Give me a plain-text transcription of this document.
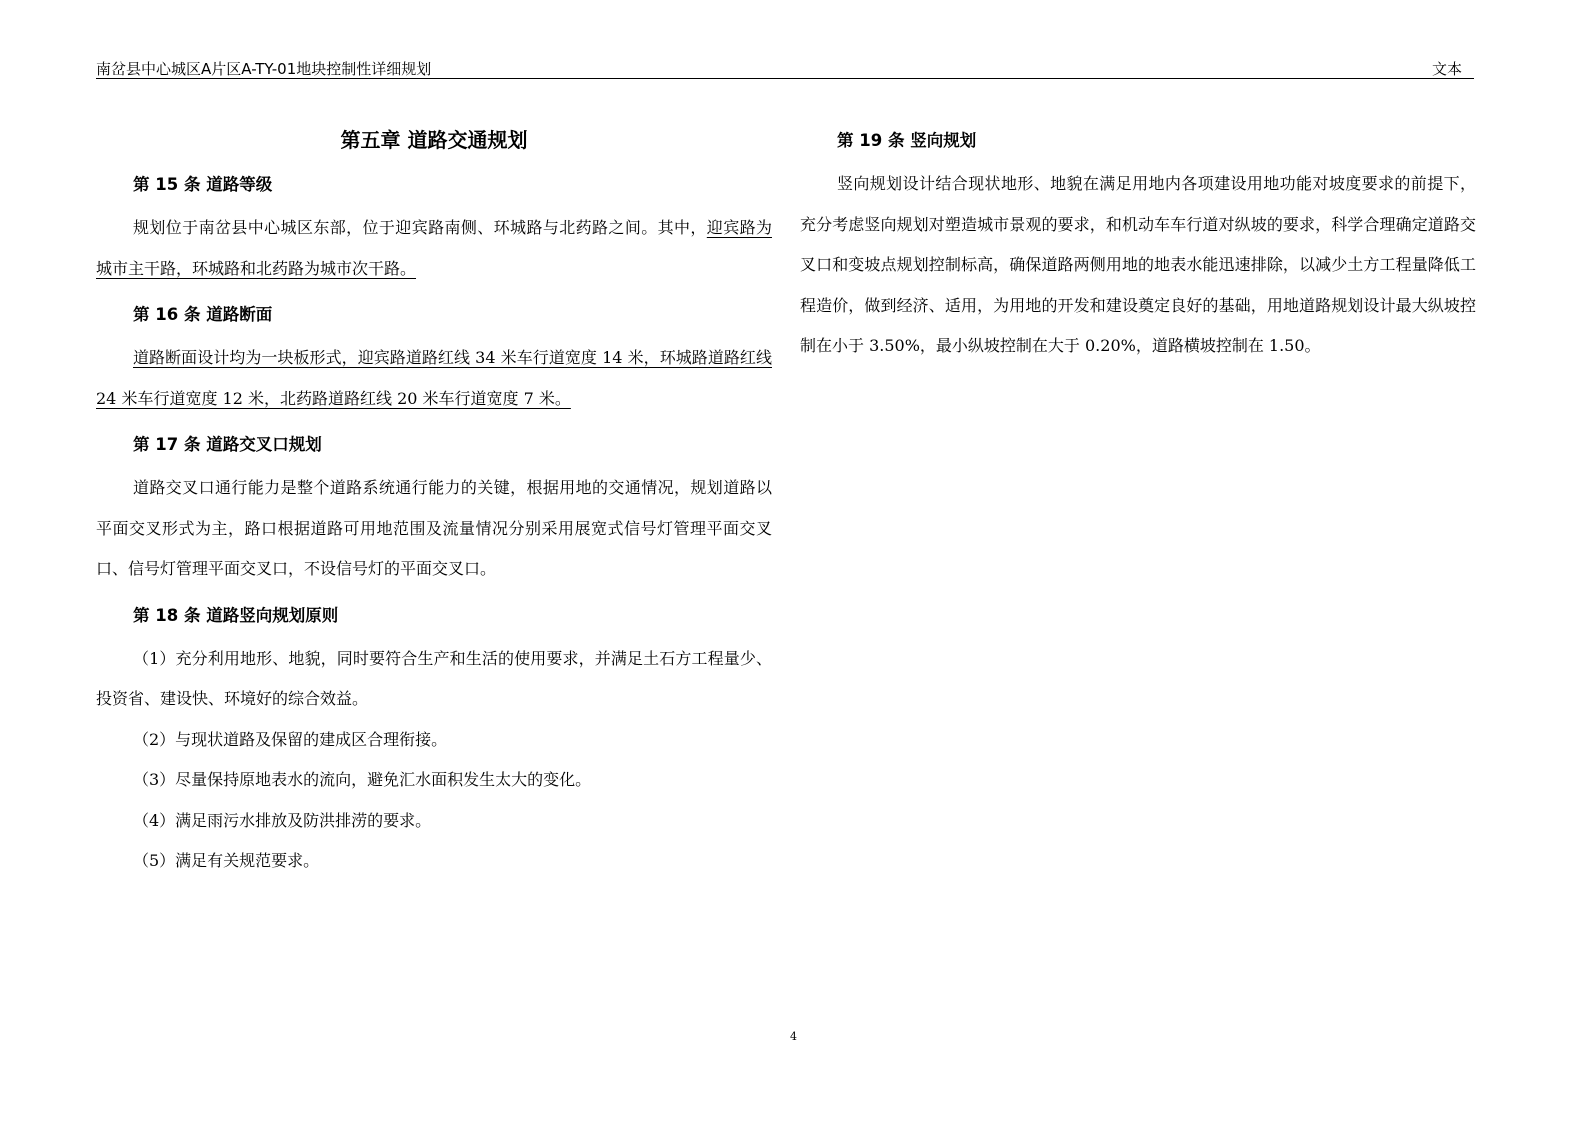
南岔县中心城区A片区A-TY-01地块控制性详细规划	文本
第五章 道路交通规划
第 15 条 道路等级
规划位于南岔县中心城区东部，位于迎宾路南侧、环城路与北药路之间。其中，迎宾路为城市主干路，环城路和北药路为城市次干路。
第 16 条 道路断面
道路断面设计均为一块板形式，迎宾路道路红线 34 米车行道宽度 14 米，环城路道路红线 24 米车行道宽度 12 米，北药路道路红线 20 米车行道宽度 7 米。
第 17 条 道路交叉口规划
道路交叉口通行能力是整个道路系统通行能力的关键，根据用地的交通情况，规划道路以平面交叉形式为主，路口根据道路可用地范围及流量情况分别采用展宽式信号灯管理平面交叉口、信号灯管理平面交叉口，不设信号灯的平面交叉口。
第 18 条 道路竖向规划原则
（1）充分利用地形、地貌，同时要符合生产和生活的使用要求，并满足土石方工程量少、投资省、建设快、环境好的综合效益。
（2）与现状道路及保留的建成区合理衔接。
（3）尽量保持原地表水的流向，避免汇水面积发生太大的变化。
（4）满足雨污水排放及防洪排涝的要求。
（5）满足有关规范要求。
第 19 条 竖向规划
竖向规划设计结合现状地形、地貌在满足用地内各项建设用地功能对坡度要求的前提下，充分考虑竖向规划对塑造城市景观的要求，和机动车车行道对纵坡的要求，科学合理确定道路交叉口和变坡点规划控制标高，确保道路两侧用地的地表水能迅速排除，以减少土方工程量降低工程造价，做到经济、适用，为用地的开发和建设奠定良好的基础，用地道路规划设计最大纵坡控制在小于 3.50%，最小纵坡控制在大于 0.20%，道路横坡控制在 1.50。
4
